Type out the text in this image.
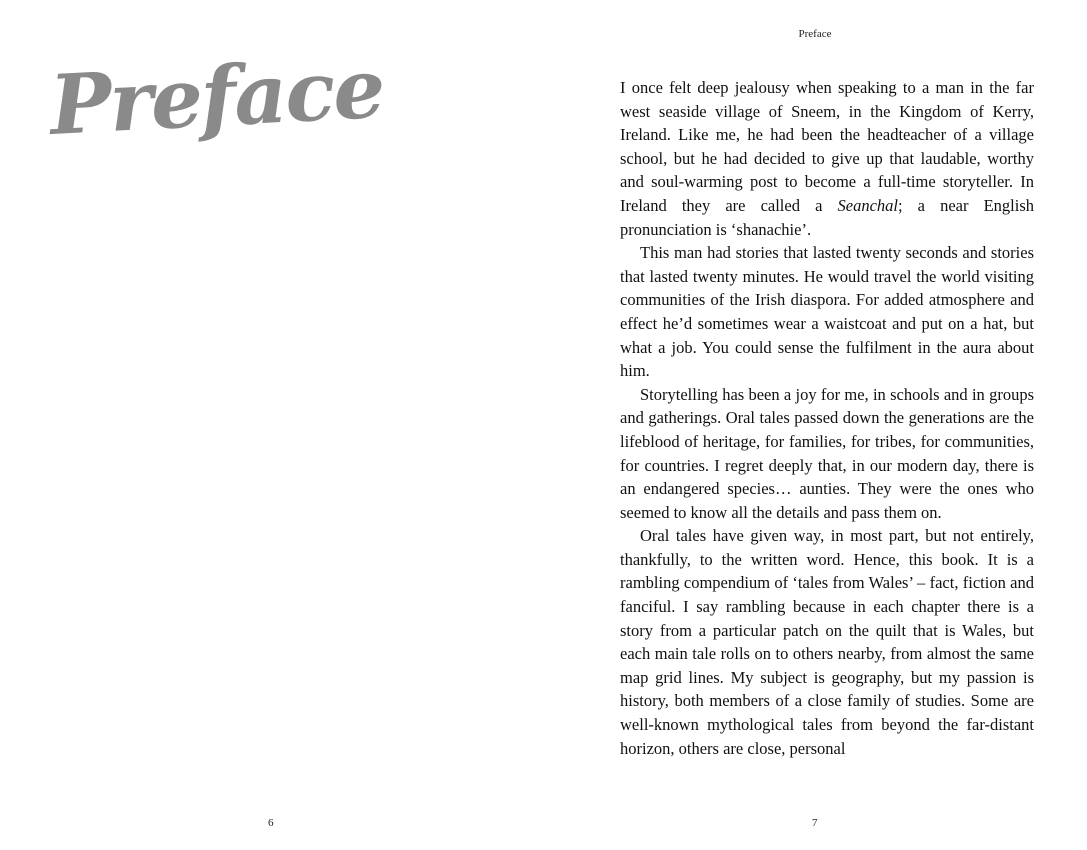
Preface
6
Preface

I once felt deep jealousy when speaking to a man in the far west seaside village of Sneem, in the Kingdom of Kerry, Ireland. Like me, he had been the headteacher of a village school, but he had decided to give up that laudable, worthy and soul-warming post to become a full-time storyteller. In Ireland they are called a Seanchal; a near English pronunciation is ‘shanachie’.

This man had stories that lasted twenty seconds and stories that lasted twenty minutes. He would travel the world visiting communities of the Irish diaspora. For added atmosphere and effect he’d sometimes wear a waistcoat and put on a hat, but what a job. You could sense the fulfilment in the aura about him.

Storytelling has been a joy for me, in schools and in groups and gatherings. Oral tales passed down the generations are the lifeblood of heritage, for families, for tribes, for communities, for countries. I regret deeply that, in our modern day, there is an endangered species… aunties. They were the ones who seemed to know all the details and pass them on.

Oral tales have given way, in most part, but not entirely, thankfully, to the written word. Hence, this book. It is a rambling compendium of ‘tales from Wales’ – fact, fiction and fanciful. I say rambling because in each chapter there is a story from a particular patch on the quilt that is Wales, but each main tale rolls on to others nearby, from almost the same map grid lines. My subject is geography, but my passion is history, both members of a close family of studies. Some are well-known mythological tales from beyond the far-distant horizon, others are close, personal

7
